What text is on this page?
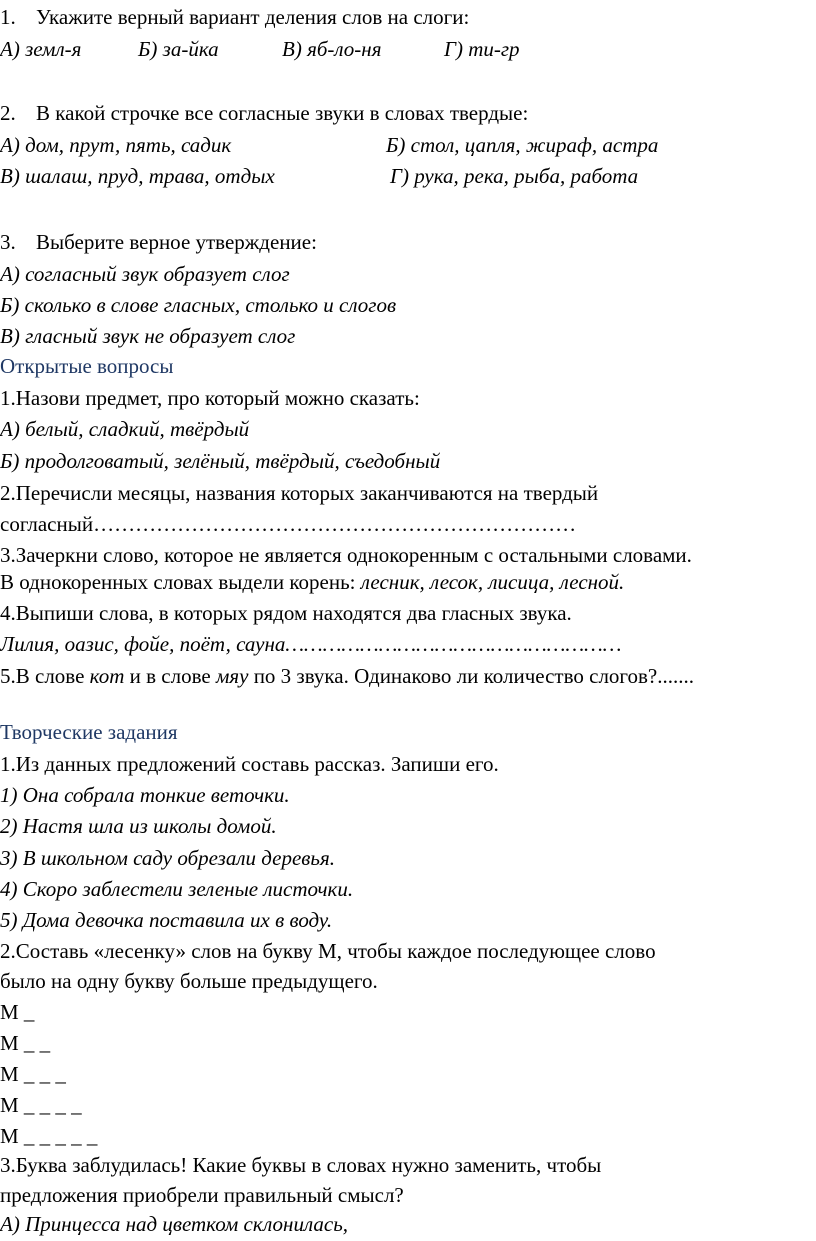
1. Укажите верный вариант деления слов на слоги:

А) земл-я	Б) за-йка	В) яб-ло-ня	Г) ти-гр

2. В какой строчке все согласные звуки в словах твердые:

А) дом, прут, пять, садик	Б) стол, цапля, жираф, астра

В) шалаш, пруд, трава, отдых	Г) рука, река, рыба, работа

3. Выберите верное утверждение:

А) согласный звук образует слог

Б) сколько в слове гласных, столько и слогов

В) гласный звук не образует слог

Открытые вопросы

1.Назови предмет, про который можно сказать:

А) белый, сладкий, твёрдый

Б) продолговатый, зелёный, твёрдый, съедобный

2.Перечисли месяцы, названия которых заканчиваются на твердый

согласный……………………………………………………………

3.Зачеркни слово, которое не является однокоренным с остальными словами.

В однокоренных словах выдели корень: лесник, лесок, лисица, лесной.

4.Выпиши слова, в которых рядом находятся два гласных звука.

Лилия, оазис, фойе, поёт, сауна………………………………………………

5.В слове кот и в слове мяу по 3 звука. Одинаково ли количество слогов?.......

Творческие задания

1.Из данных предложений составь рассказ. Запиши его.

1) Она собрала тонкие веточки.

2) Настя шла из школы домой.

3) В школьном саду обрезали деревья.

4) Скоро заблестели зеленые листочки.

5) Дома девочка поставила их в воду.

2.Составь «лесенку» слов на букву М, чтобы каждое последующее слово

было на одну букву больше предыдущего.

М _

М _ _

М _ _ _

М _ _ _ _

М _ _ _ _ _

3.Буква заблудилась! Какие буквы в словах нужно заменить, чтобы

предложения приобрели правильный смысл?

А) Принцесса над цветком склонилась,
